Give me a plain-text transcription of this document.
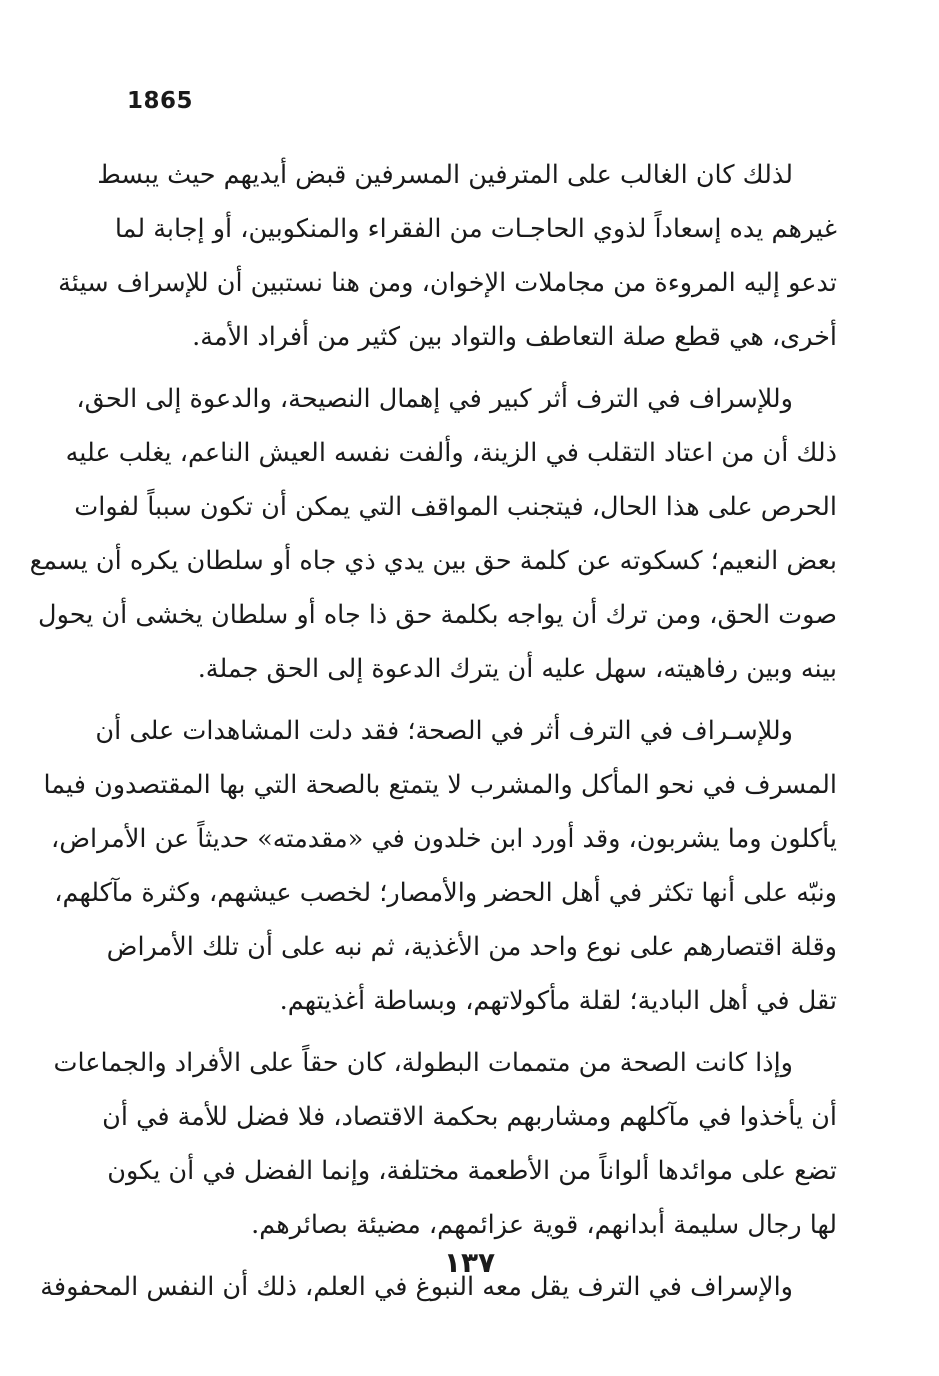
1865
لذلك كان الغالب على المترفين المسرفين قبض أيديهم حيث يبسط
غيرهم يده إسعاداً لذوي الحاجـات من الفقراء والمنكوبين، أو إجابة لما
تدعو إليه المروءة من مجاملات الإخوان، ومن هنا نستبين أن للإسراف سيئة
أخرى، هي قطع صلة التعاطف والتواد بين كثير من أفراد الأمة.
وللإسراف في الترف أثر كبير في إهمال النصيحة، والدعوة إلى الحق،
ذلك أن من اعتاد التقلب في الزينة، وألفت نفسه العيش الناعم، يغلب عليه
الحرص على هذا الحال، فيتجنب المواقف التي يمكن أن تكون سبباً لفوات
بعض النعيم؛ كسكوته عن كلمة حق بين يدي ذي جاه أو سلطان يكره أن يسمع
صوت الحق، ومن ترك أن يواجه بكلمة حق ذا جاه أو سلطان يخشى أن يحول
بينه وبين رفاهيته، سهل عليه أن يترك الدعوة إلى الحق جملة.
وللإسـراف في الترف أثر في الصحة؛ فقد دلت المشاهدات على أن
المسرف في نحو المأكل والمشرب لا يتمتع بالصحة التي بها المقتصدون فيما
يأكلون وما يشربون، وقد أورد ابن خلدون في «مقدمته» حديثاً عن الأمراض،
ونبّه على أنها تكثر في أهل الحضر والأمصار؛ لخصب عيشهم، وكثرة مآكلهم،
وقلة اقتصارهم على نوع واحد من الأغذية، ثم نبه على أن تلك الأمراض
تقل في أهل البادية؛ لقلة مأكولاتهم، وبساطة أغذيتهم.
وإذا كانت الصحة من متممات البطولة، كان حقاً على الأفراد والجماعات
أن يأخذوا في مآكلهم ومشاربهم بحكمة الاقتصاد، فلا فضل للأمة في أن
تضع على موائدها ألواناً من الأطعمة مختلفة، وإنما الفضل في أن يكون
لها رجال سليمة أبدانهم، قوية عزائمهم، مضيئة بصائرهم.
والإسراف في الترف يقل معه النبوغ في العلم، ذلك أن النفس المحفوفة
١٣٧
